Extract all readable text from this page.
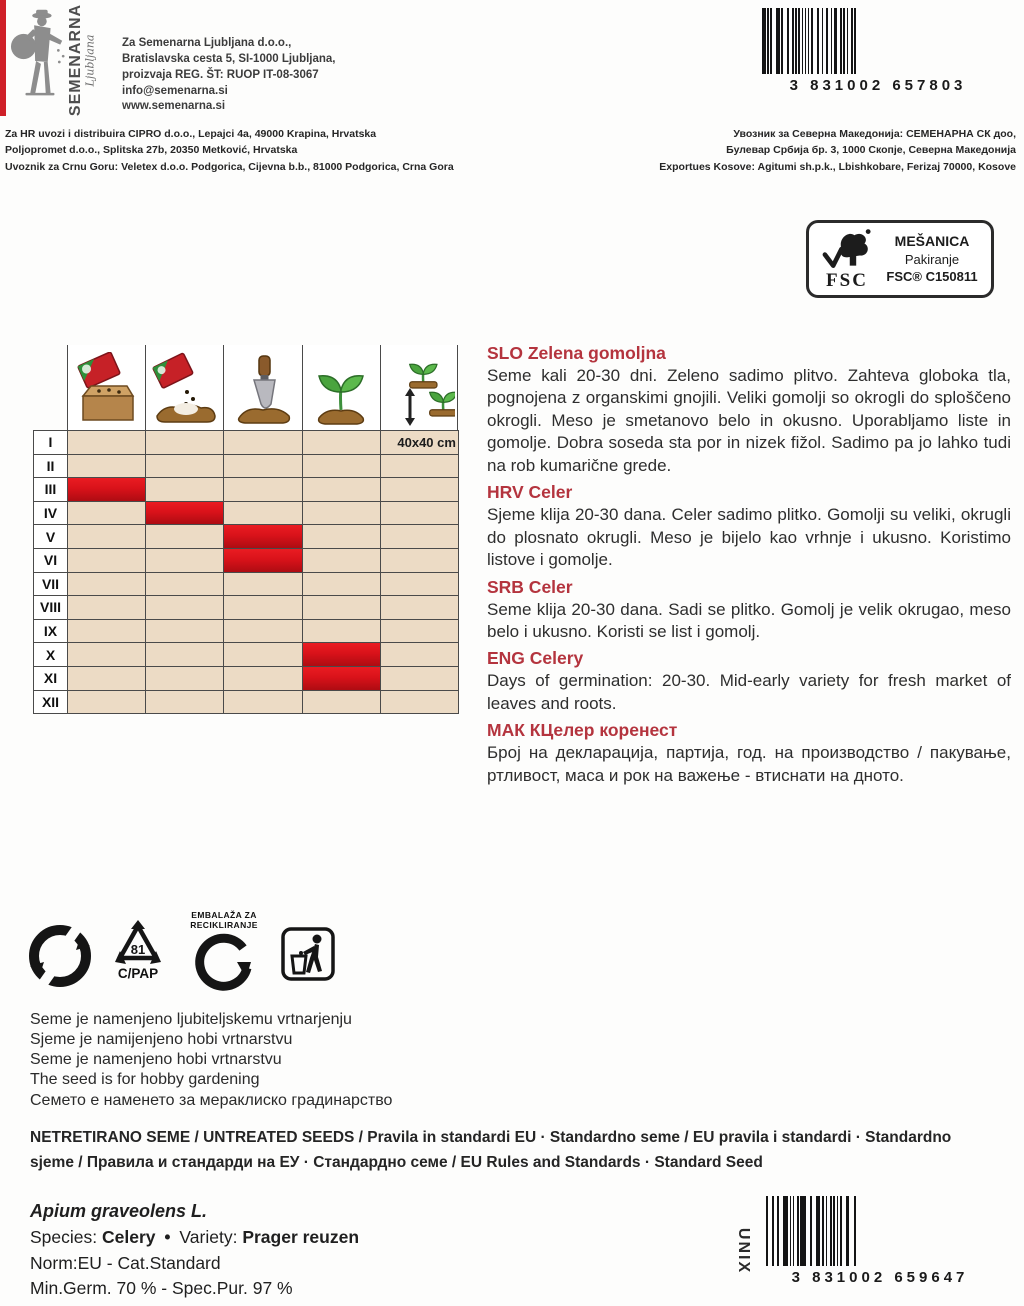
SEMENARNA Ljubljana Za Semenarna Ljubljana d.o.o.,
Bratislavska cesta 5, SI-1000 Ljubljana,
proizvaja REG. ŠT: RUOP IT-08-3067
info@semenarna.si
www.semenarna.si
3 831002 657803
Za HR uvozi i distribuira CIPRO d.o.o., Lepajci 4a, 49000 Krapina, Hrvatska
Poljopromet d.o.o., Splitska 27b, 20350 Metković, Hrvatska
Uvoznik za Crnu Goru: Veletex d.o.o. Podgorica, Cijevna b.b., 81000 Podgorica, Crna Gora
Увозник за Северна Македонија: СЕМЕНАРНА СК доо,
Булевар Србија бр. 3, 1000 Скопје, Северна Македонија
Exportues Kosove: Agitumi sh.p.k., Lbishkobare, Ferizaj 70000, Kosove
FSC
MEŠANICA
Pakiranje
FSC® C150811
I	40x40 cm
II
III
IV
V
VI
VII
VIII
IX
X
XI
XII
SLO Zelena gomoljna

Seme kali 20-30 dni. Zeleno sadimo plitvo. Zahteva globoka tla, pognojena z organskimi gnojili. Veliki gomolji so okrogli do sploščeno okrogli. Meso je smetanovo belo in okusno. Uporabljamo liste in gomolje. Dobra soseda sta por in nizek fižol. Sadimo pa jo lahko tudi na rob kumarične grede.

HRV Celer

Sjeme klija 20-30 dana. Celer sadimo plitko. Gomolji su veliki, okrugli do plosnato okrugli. Meso je bijelo kao vrhnje i ukusno. Koristimo listove i gomolje.

SRB Celer

Seme klija 20-30 dana. Sadi se plitko. Gomolj je velik okrugao, meso belo i ukusno. Koristi se list i gomolj.

ENG Celery

Days of germination: 20-30. Mid-early variety for fresh market of leaves and roots.

МАК КЦелер коренест

Број на декларација, партија, год. на производство / пакување, ртливост, маса и рок на важење - втиснати на дното.

81
C/PAP
EMBALAŽA ZA RECIKLIRANJE
Seme je namenjeno ljubiteljskemu vrtnarjenju
Sjeme je namijenjeno hobi vrtnarstvu
Seme je namenjeno hobi vrtnarstvu
The seed is for hobby gardening
Семето е наменето за мераклиско градинарство
NETRETIRANO SEME / UNTREATED SEEDS / Pravila in standardi EU · Standardno seme / EU pravila i standardi · Standardno sjeme / Правила и стандарди на ЕУ · Стандардно семе / EU Rules and Standards · Standard Seed
Apium graveolens L.
Species: Celery • Variety: Prager reuzen
Norm:EU - Cat.Standard
Min.Germ. 70 % - Spec.Pur. 97 %
UNIX
3 831002 659647
